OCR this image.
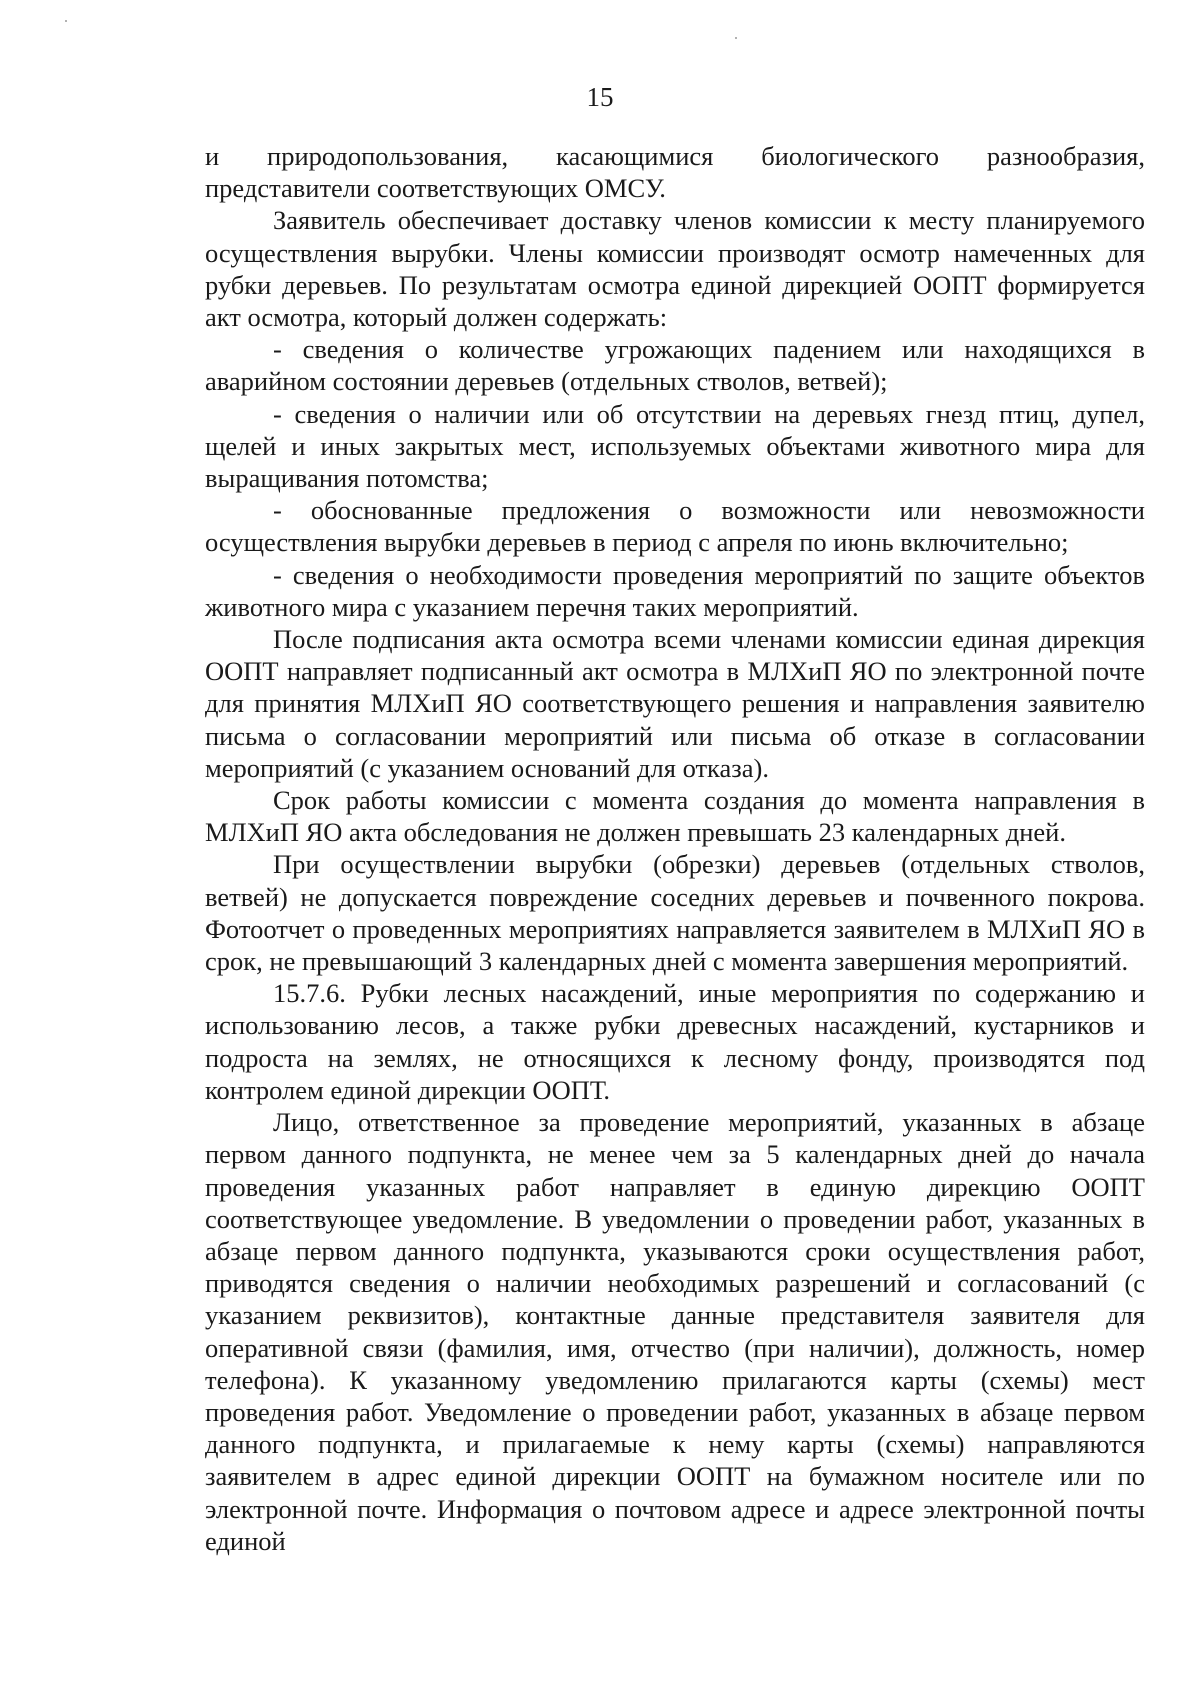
15

и природопользования, касающимися биологического разнообразия, представители соответствующих ОМСУ.

Заявитель обеспечивает доставку членов комиссии к месту планируемого осуществления вырубки. Члены комиссии производят осмотр намеченных для рубки деревьев. По результатам осмотра единой дирекцией ООПТ формируется акт осмотра, который должен содержать:

- сведения о количестве угрожающих падением или находящихся в аварийном состоянии деревьев (отдельных стволов, ветвей);

- сведения о наличии или об отсутствии на деревьях гнезд птиц, дупел, щелей и иных закрытых мест, используемых объектами животного мира для выращивания потомства;

- обоснованные предложения о возможности или невозможности осуществления вырубки деревьев в период с апреля по июнь включительно;

- сведения о необходимости проведения мероприятий по защите объектов животного мира с указанием перечня таких мероприятий.

После подписания акта осмотра всеми членами комиссии единая дирекция ООПТ направляет подписанный акт осмотра в МЛХиП ЯО по электронной почте для принятия МЛХиП ЯО соответствующего решения и направления заявителю письма о согласовании мероприятий или письма об отказе в согласовании мероприятий (с указанием оснований для отказа).

Срок работы комиссии с момента создания до момента направления в МЛХиП ЯО акта обследования не должен превышать 23 календарных дней.

При осуществлении вырубки (обрезки) деревьев (отдельных стволов, ветвей) не допускается повреждение соседних деревьев и почвенного покрова. Фотоотчет о проведенных мероприятиях направляется заявителем в МЛХиП ЯО в срок, не превышающий 3 календарных дней с момента завершения мероприятий.

15.7.6. Рубки лесных насаждений, иные мероприятия по содержанию и использованию лесов, а также рубки древесных насаждений, кустарников и подроста на землях, не относящихся к лесному фонду, производятся под контролем единой дирекции ООПТ.

Лицо, ответственное за проведение мероприятий, указанных в абзаце первом данного подпункта, не менее чем за 5 календарных дней до начала проведения указанных работ направляет в единую дирекцию ООПТ соответствующее уведомление. В уведомлении о проведении работ, указанных в абзаце первом данного подпункта, указываются сроки осуществления работ, приводятся сведения о наличии необходимых разрешений и согласований (с указанием реквизитов), контактные данные представителя заявителя для оперативной связи (фамилия, имя, отчество (при наличии), должность, номер телефона). К указанному уведомлению прилагаются карты (схемы) мест проведения работ. Уведомление о проведении работ, указанных в абзаце первом данного подпункта, и прилагаемые к нему карты (схемы) направляются заявителем в адрес единой дирекции ООПТ на бумажном носителе или по электронной почте. Информация о почтовом адресе и адресе электронной почты единой
